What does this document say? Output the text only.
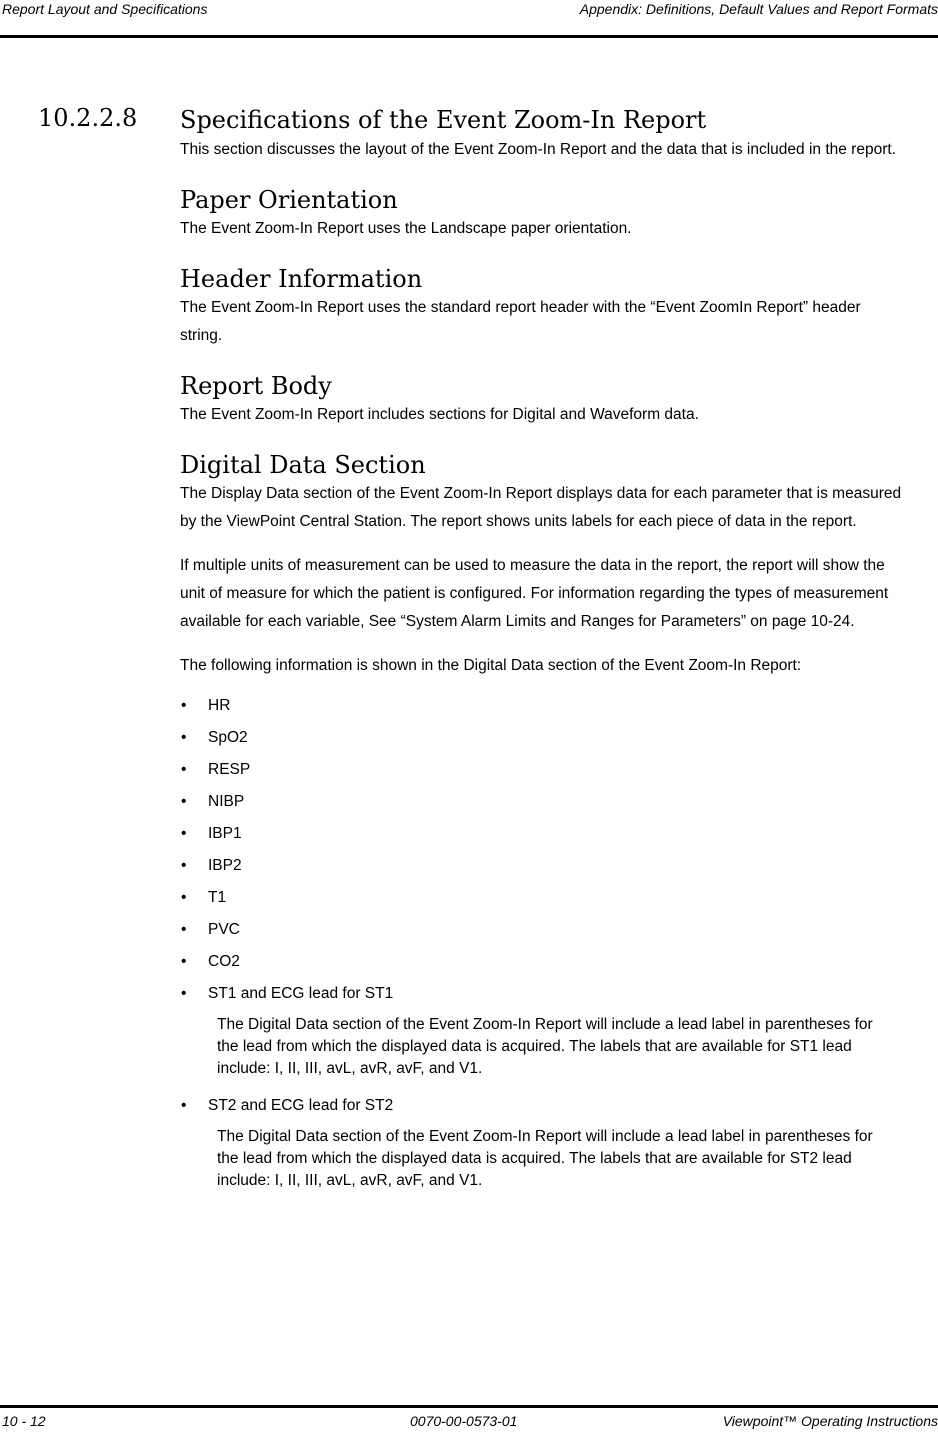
Report Layout and Specifications	Appendix: Definitions, Default Values and Report Formats
10.2.2.8 Specifications of the Event Zoom-In Report

This section discusses the layout of the Event Zoom-In Report and the data that is included in the report.

Paper Orientation

The Event Zoom-In Report uses the Landscape paper orientation.

Header Information

The Event Zoom-In Report uses the standard report header with the “Event ZoomIn Report” header string.

Report Body

The Event Zoom-In Report includes sections for Digital and Waveform data.

Digital Data Section

The Display Data section of the Event Zoom-In Report displays data for each parameter that is measured by the ViewPoint Central Station. The report shows units labels for each piece of data in the report.

If multiple units of measurement can be used to measure the data in the report, the report will show the unit of measure for which the patient is configured. For information regarding the types of measurement available for each variable, See “System Alarm Limits and Ranges for Parameters” on page 10-24.

The following information is shown in the Digital Data section of the Event Zoom-In Report:

• HR
• SpO2
• RESP
• NIBP
• IBP1
• IBP2
• T1
• PVC
• CO2
• ST1 and ECG lead for ST1
The Digital Data section of the Event Zoom-In Report will include a lead label in parentheses for the lead from which the displayed data is acquired. The labels that are available for ST1 lead include: I, II, III, avL, avR, avF, and V1.
• ST2 and ECG lead for ST2
The Digital Data section of the Event Zoom-In Report will include a lead label in parentheses for the lead from which the displayed data is acquired. The labels that are available for ST2 lead include: I, II, III, avL, avR, avF, and V1.
10 - 12	0070-00-0573-01	Viewpoint™ Operating Instructions
